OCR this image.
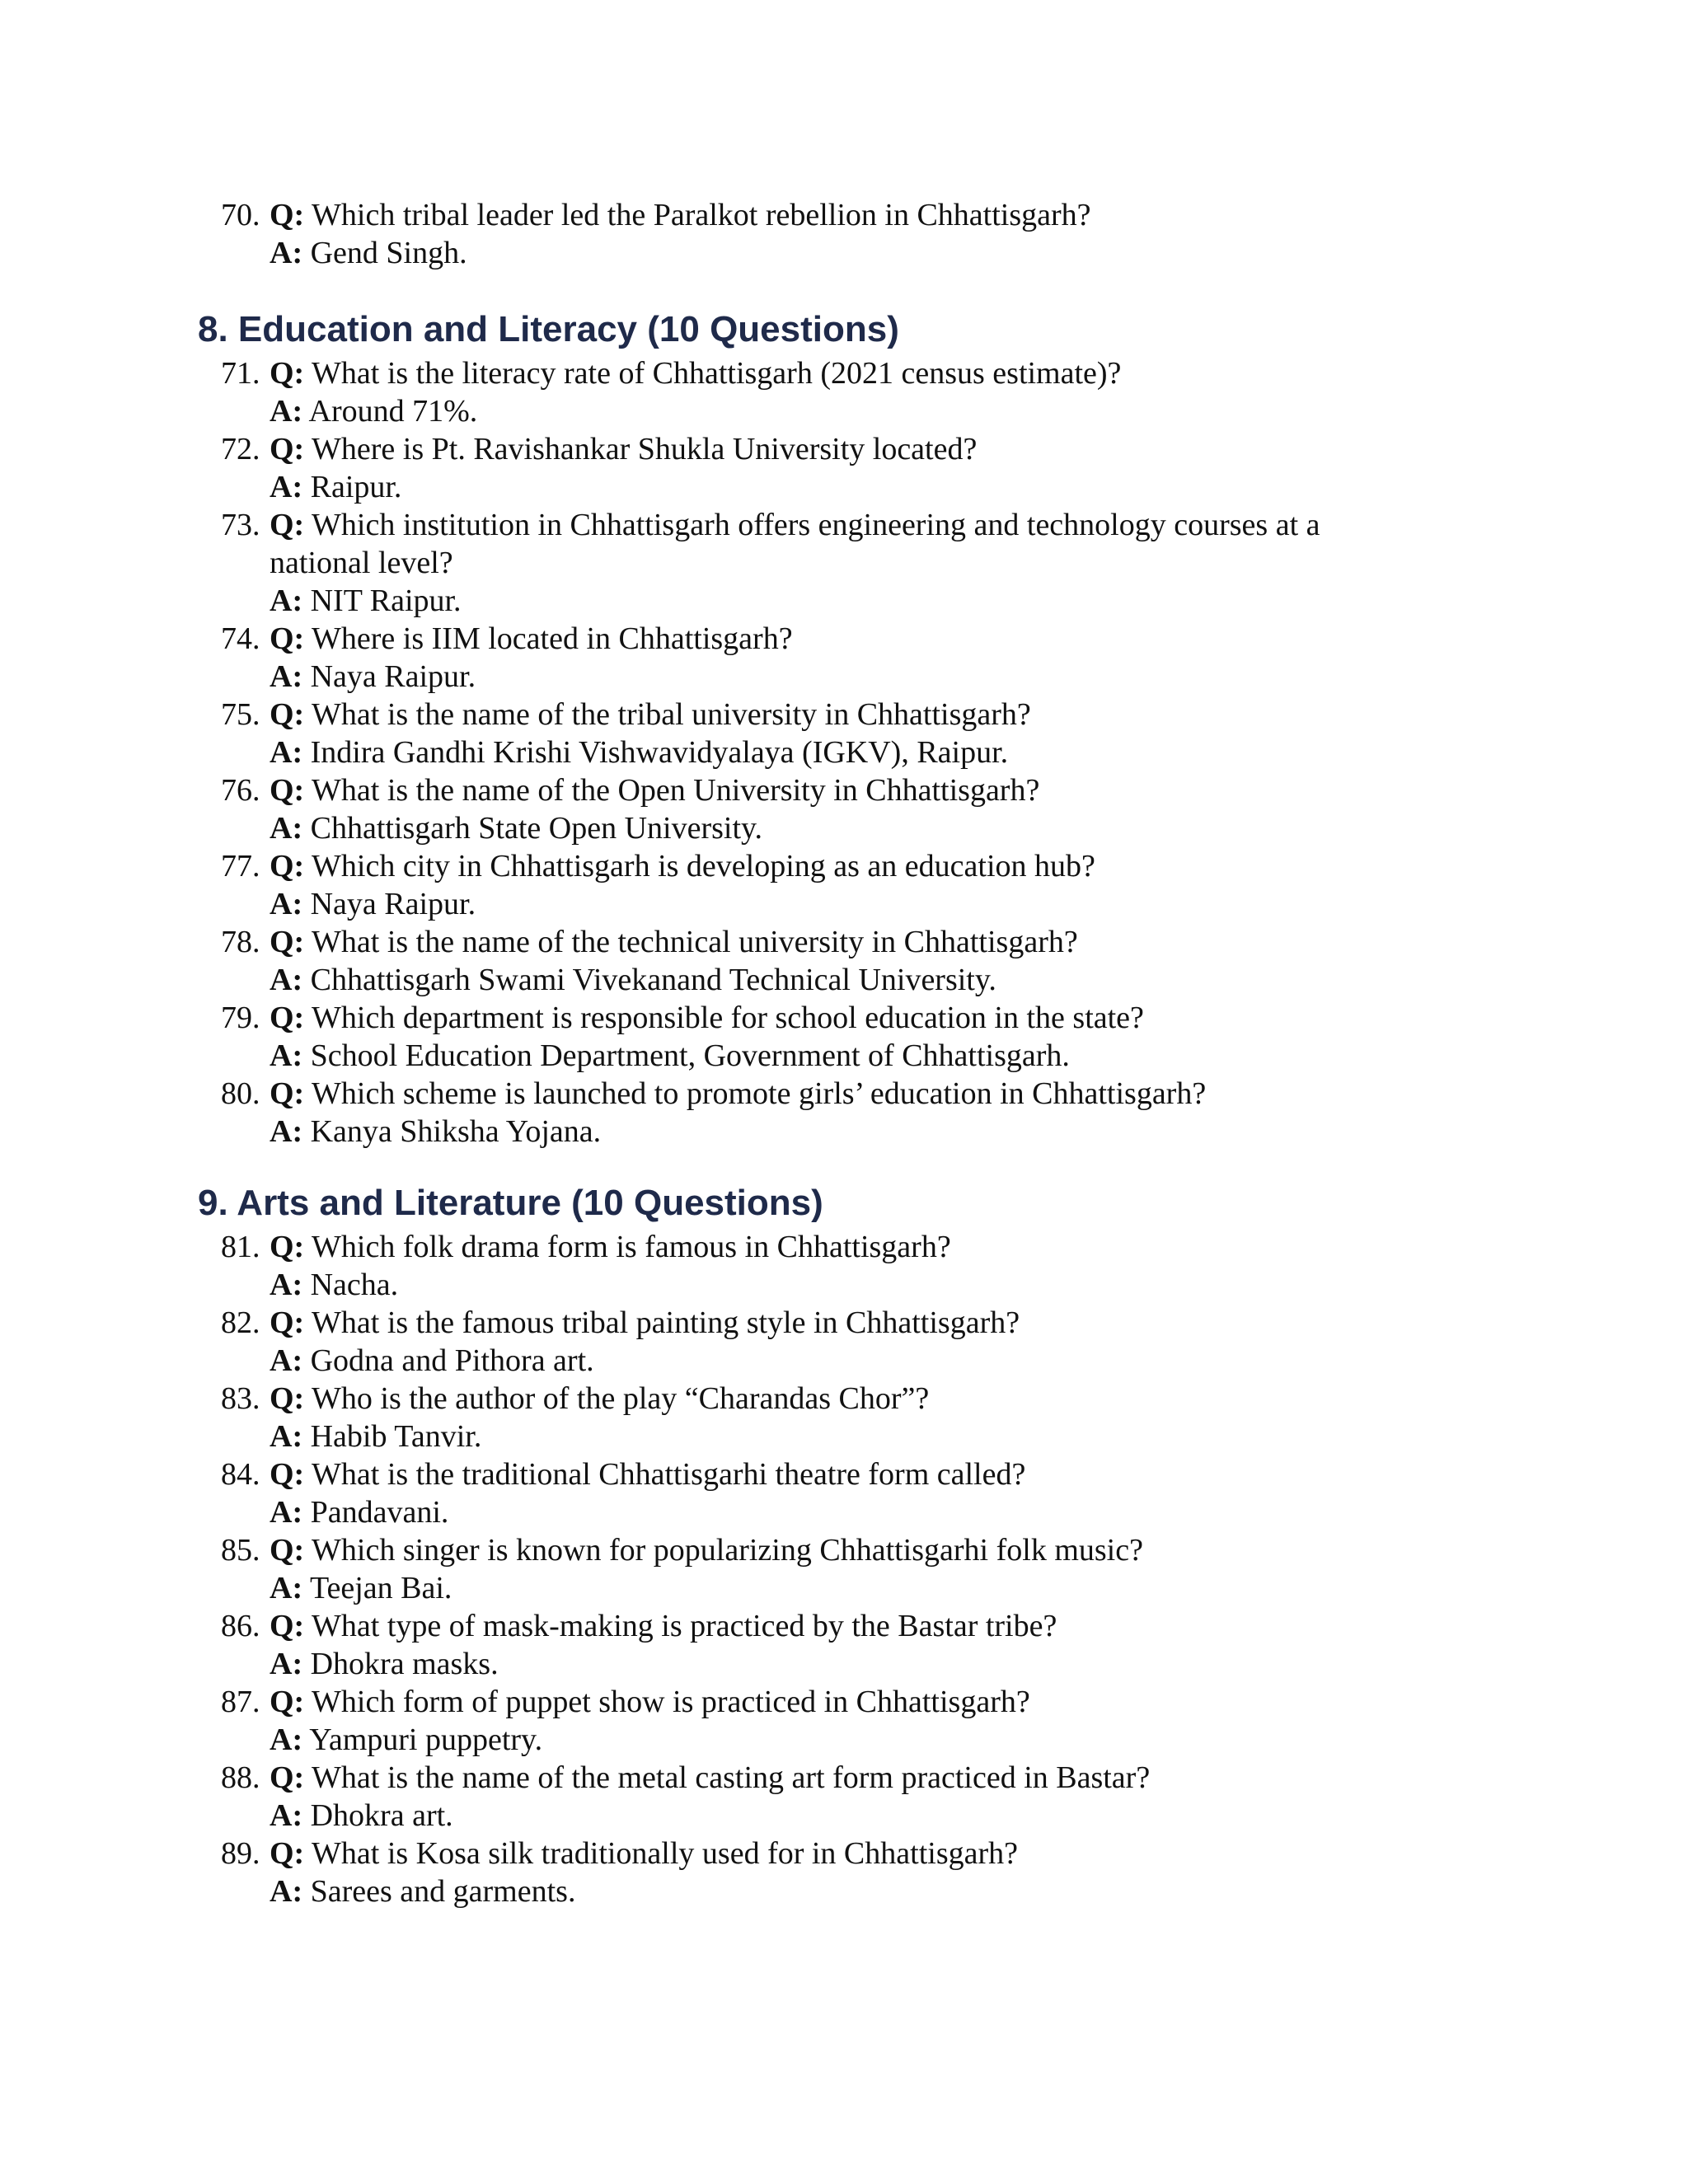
70. Q: Which tribal leader led the Paralkot rebellion in Chhattisgarh?
A: Gend Singh.
8. Education and Literacy (10 Questions)
71. Q: What is the literacy rate of Chhattisgarh (2021 census estimate)?
A: Around 71%.
72. Q: Where is Pt. Ravishankar Shukla University located?
A: Raipur.
73. Q: Which institution in Chhattisgarh offers engineering and technology courses at a
national level?
A: NIT Raipur.
74. Q: Where is IIM located in Chhattisgarh?
A: Naya Raipur.
75. Q: What is the name of the tribal university in Chhattisgarh?
A: Indira Gandhi Krishi Vishwavidyalaya (IGKV), Raipur.
76. Q: What is the name of the Open University in Chhattisgarh?
A: Chhattisgarh State Open University.
77. Q: Which city in Chhattisgarh is developing as an education hub?
A: Naya Raipur.
78. Q: What is the name of the technical university in Chhattisgarh?
A: Chhattisgarh Swami Vivekanand Technical University.
79. Q: Which department is responsible for school education in the state?
A: School Education Department, Government of Chhattisgarh.
80. Q: Which scheme is launched to promote girls’ education in Chhattisgarh?
A: Kanya Shiksha Yojana.
9. Arts and Literature (10 Questions)
81. Q: Which folk drama form is famous in Chhattisgarh?
A: Nacha.
82. Q: What is the famous tribal painting style in Chhattisgarh?
A: Godna and Pithora art.
83. Q: Who is the author of the play “Charandas Chor”?
A: Habib Tanvir.
84. Q: What is the traditional Chhattisgarhi theatre form called?
A: Pandavani.
85. Q: Which singer is known for popularizing Chhattisgarhi folk music?
A: Teejan Bai.
86. Q: What type of mask-making is practiced by the Bastar tribe?
A: Dhokra masks.
87. Q: Which form of puppet show is practiced in Chhattisgarh?
A: Yampuri puppetry.
88. Q: What is the name of the metal casting art form practiced in Bastar?
A: Dhokra art.
89. Q: What is Kosa silk traditionally used for in Chhattisgarh?
A: Sarees and garments.
